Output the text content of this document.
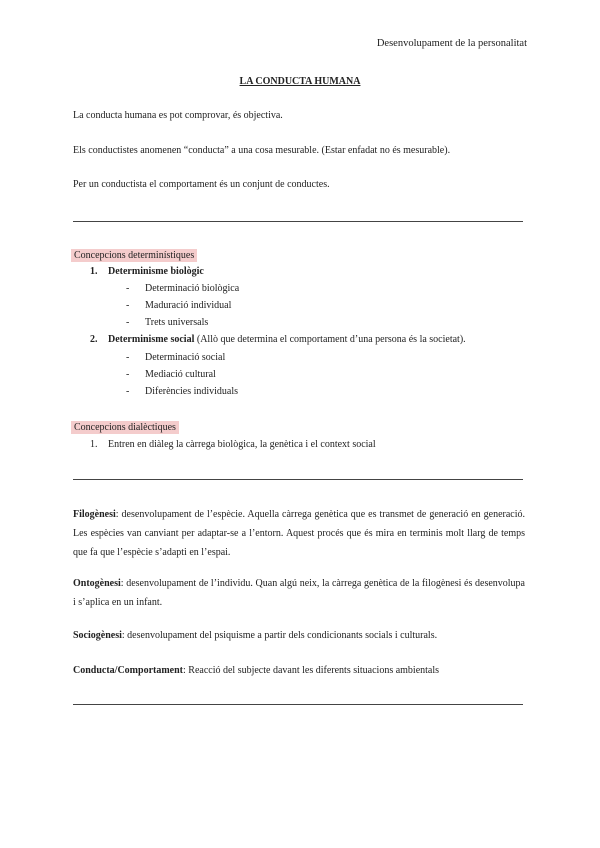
Desenvolupament de la personalitat
LA CONDUCTA HUMANA
La conducta humana es pot comprovar, és objectiva.
Els conductistes anomenen “conducta” a una cosa mesurable. (Estar enfadat no és mesurable).
Per un conductista el comportament és un conjunt de conductes.
Concepcions determinístiques
1. Determinisme biològic
- Determinació biològica
- Maduració individual
- Trets universals
2. Determinisme social (Allò que determina el comportament d’una persona és la societat).
- Determinació social
- Mediació cultural
- Diferències individuals
Concepcions dialèctiques
1. Entren en diàleg la càrrega biològica, la genètica i el context social
Filogènesi: desenvolupament de l’espècie. Aquella càrrega genètica que es transmet de generació en generació. Les espècies van canviant per adaptar-se a l’entorn. Aquest procés que és mira en terminis molt llarg de temps que fa que l’espècie s’adapti en l’espai.
Ontogènesi: desenvolupament de l’individu. Quan algú neix, la càrrega genètica de la filogènesi és desenvolupa i s’aplica en un infant.
Sociogènesi: desenvolupament del psiquisme a partir dels condicionants socials i culturals.
Conducta/Comportament: Reacció del subjecte davant les diferents situacions ambientals
